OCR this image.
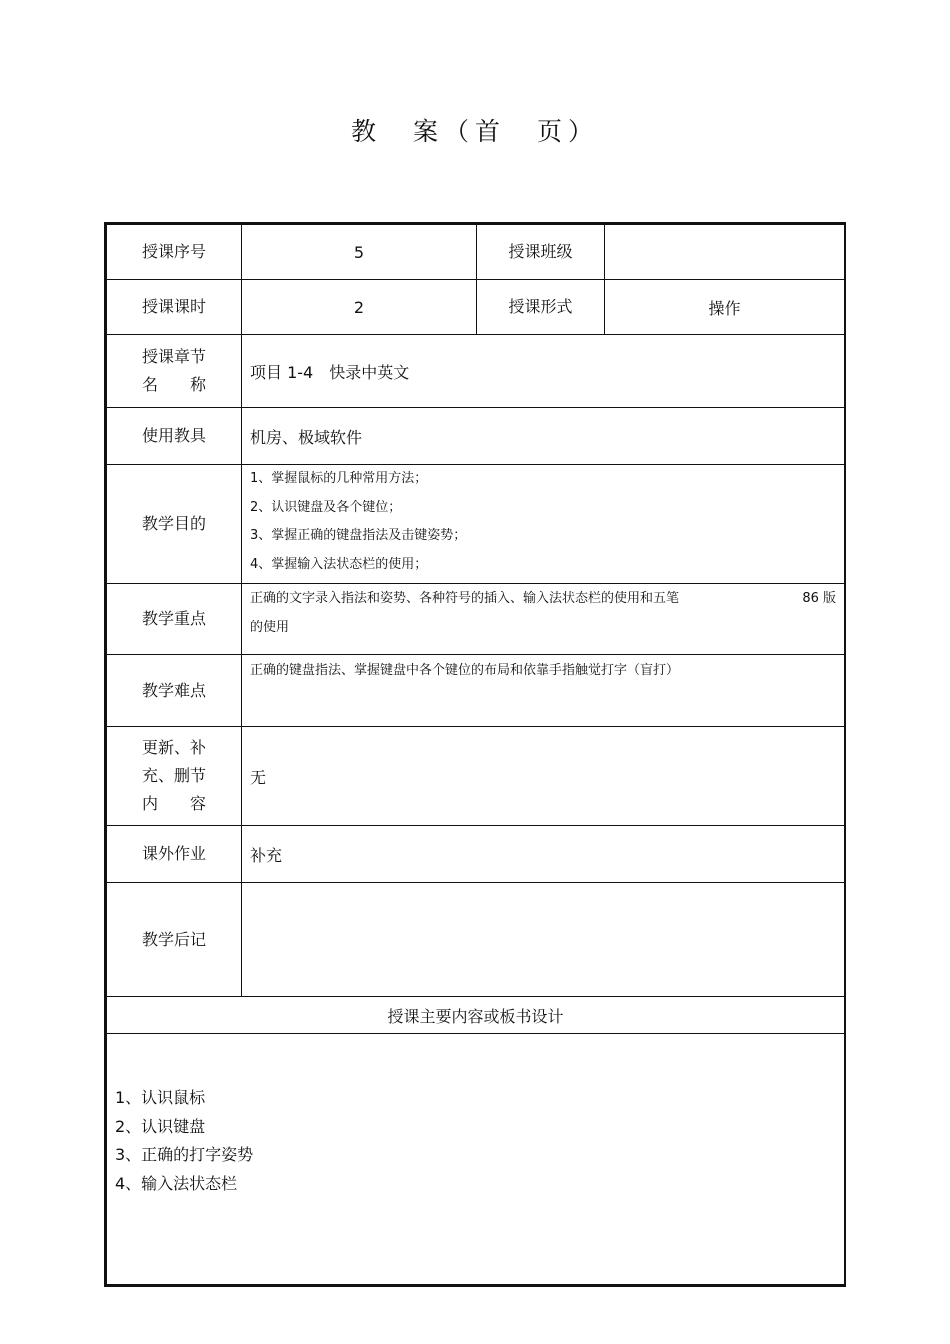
教　案（首　页）
授课序号	5	授课班级	
授课课时	2	授课形式	操作

授课章节
名　　称	项目 1-4　快录中英文		
使用教具	机房、极域软件		
教学目的	1、掌握鼠标的几种常用方法；
2、认识键盘及各个键位；
3、掌握正确的键盘指法及击键姿势；
4、掌握输入法状态栏的使用；		

教学重点	正确的文字录入指法和姿势、各种符号的插入、输入法状态栏的使用和五笔 86 版
的使用		

教学难点	正确的键盘指法、掌握键盘中各个键位的布局和依靠手指触觉打字（盲打）		

更新、补
充、删节
内　　容	无		
课外作业	补充		
教学后记			
授课主要内容或板书设计			

1、认识鼠标
2、认识键盘
3、正确的打字姿势
4、输入法状态栏			
